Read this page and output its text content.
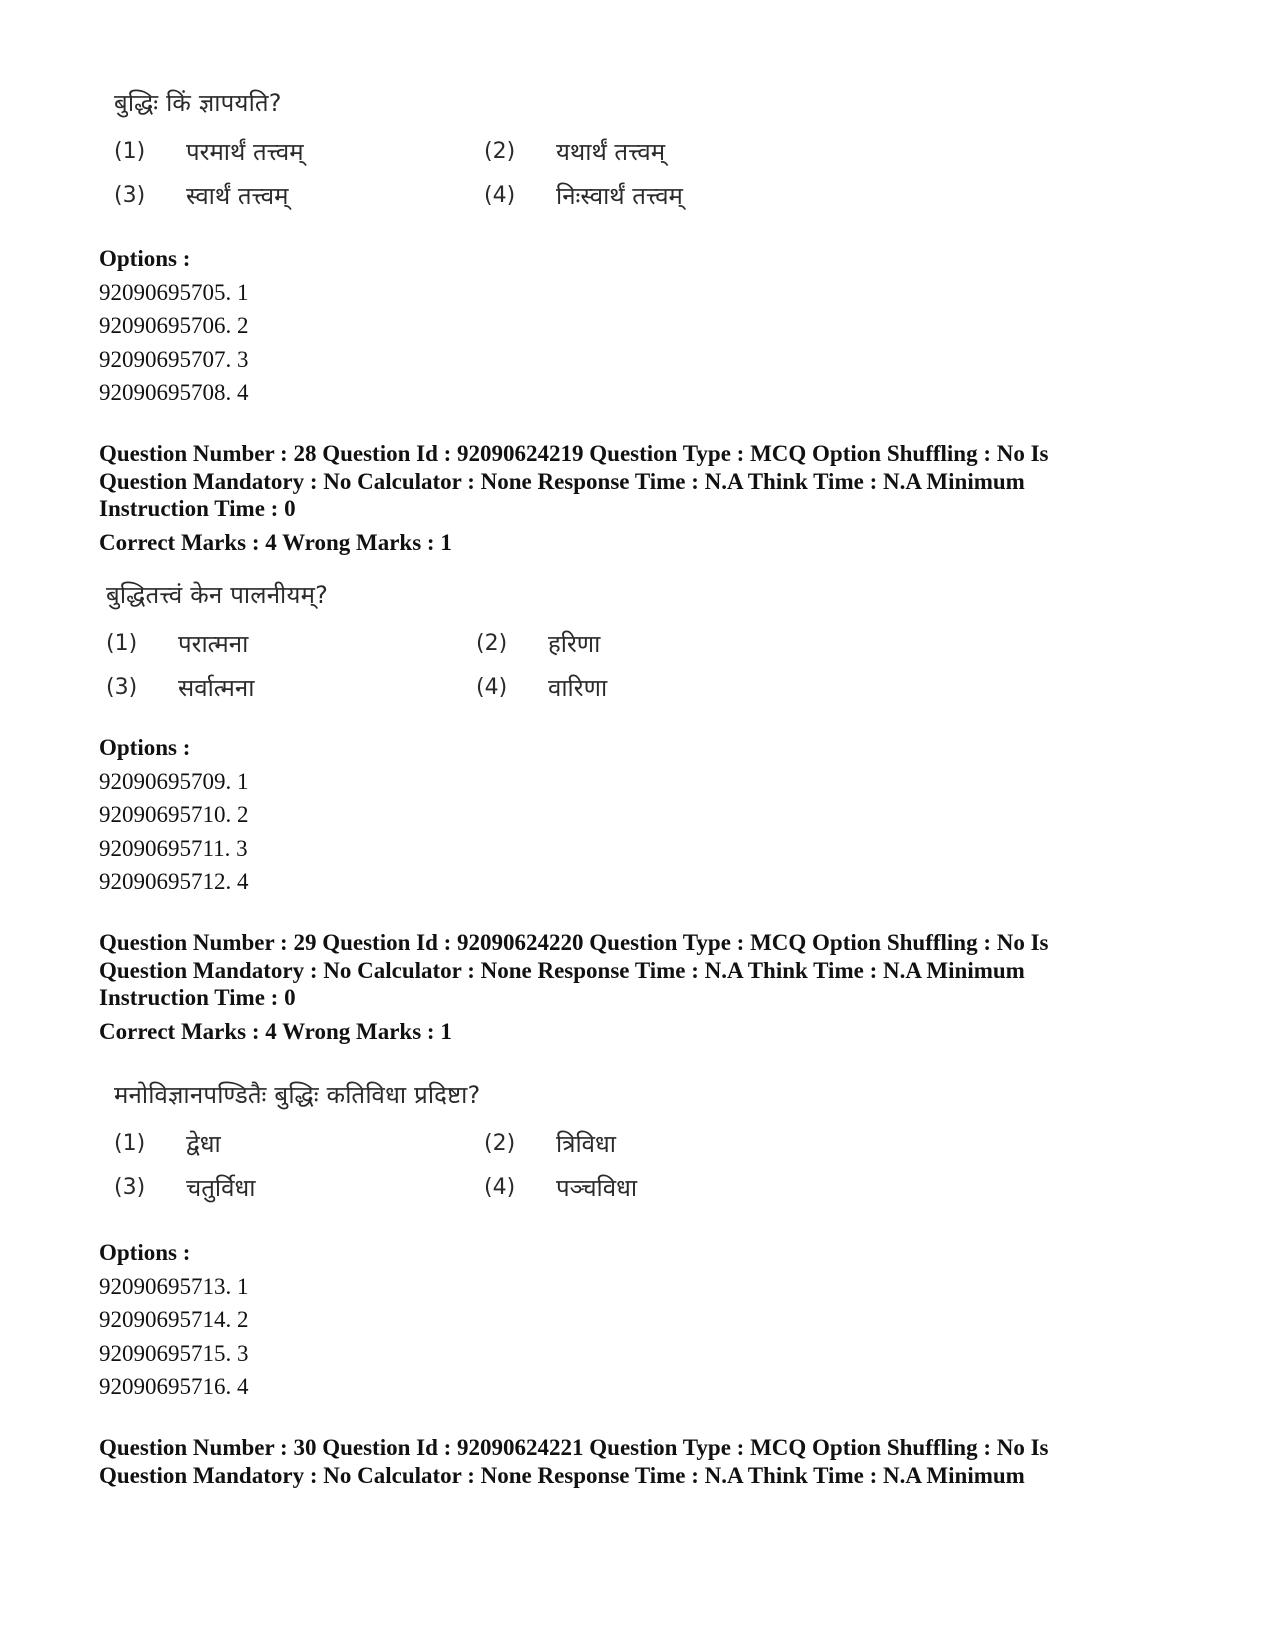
बुद्धिः किं ज्ञापयति?
(1)	परमार्थं तत्त्वम्	(2)	यथार्थं तत्त्वम्
(3)	स्वार्थं तत्त्वम्	(4)	निःस्वार्थं तत्त्वम्
Options :
92090695705. 1
92090695706. 2
92090695707. 3
92090695708. 4
Question Number : 28 Question Id : 92090624219 Question Type : MCQ Option Shuffling : No Is
Question Mandatory : No Calculator : None Response Time : N.A Think Time : N.A Minimum
Instruction Time : 0
Correct Marks : 4 Wrong Marks : 1
बुद्धितत्त्वं केन पालनीयम्?
(1)	परात्मना	(2)	हरिणा
(3)	सर्वात्मना	(4)	वारिणा
Options :
92090695709. 1
92090695710. 2
92090695711. 3
92090695712. 4
Question Number : 29 Question Id : 92090624220 Question Type : MCQ Option Shuffling : No Is
Question Mandatory : No Calculator : None Response Time : N.A Think Time : N.A Minimum
Instruction Time : 0
Correct Marks : 4 Wrong Marks : 1
मनोविज्ञानपण्डितैः बुद्धिः कतिविधा प्रदिष्टा?
(1)	द्वेधा	(2)	त्रिविधा
(3)	चतुर्विधा	(4)	पञ्चविधा
Options :
92090695713. 1
92090695714. 2
92090695715. 3
92090695716. 4
Question Number : 30 Question Id : 92090624221 Question Type : MCQ Option Shuffling : No Is
Question Mandatory : No Calculator : None Response Time : N.A Think Time : N.A Minimum
